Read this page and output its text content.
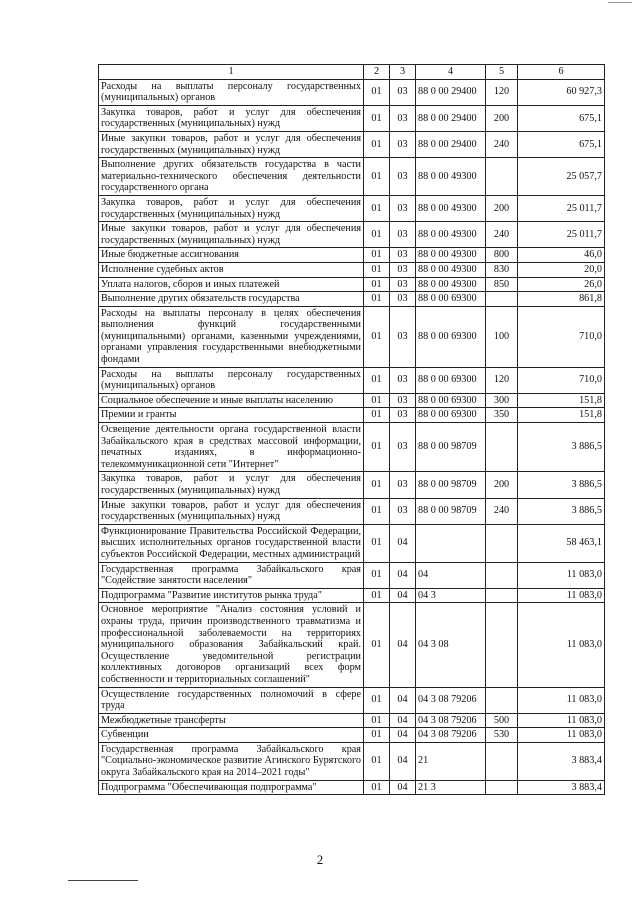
1	2	3	4	5	6
Расходы на выплаты персоналу государственных (муниципальных) органов	01	03	88 0 00 29400	120	60 927,3
Закупка товаров, работ и услуг для обеспечения государственных (муниципальных) нужд	01	03	88 0 00 29400	200	675,1
Иные закупки товаров, работ и услуг для обеспечения государственных (муниципальных) нужд	01	03	88 0 00 29400	240	675,1
Выполнение других обязательств государства в части материально-технического обеспечения деятельности государственного органа	01	03	88 0 00 49300		25 057,7
Закупка товаров, работ и услуг для обеспечения государственных (муниципальных) нужд	01	03	88 0 00 49300	200	25 011,7
Иные закупки товаров, работ и услуг для обеспечения государственных (муниципальных) нужд	01	03	88 0 00 49300	240	25 011,7
Иные бюджетные ассигнования	01	03	88 0 00 49300	800	46,0
Исполнение судебных актов	01	03	88 0 00 49300	830	20,0
Уплата налогов, сборов и иных платежей	01	03	88 0 00 49300	850	26,0
Выполнение других обязательств государства	01	03	88 0 00 69300		861,8
Расходы на выплаты персоналу в целях обеспечения выполнения функций государственными (муниципальными) органами, казенными учреждениями, органами управления государственными внебюджетными фондами	01	03	88 0 00 69300	100	710,0
Расходы на выплаты персоналу государственных (муниципальных) органов	01	03	88 0 00 69300	120	710,0
Социальное обеспечение и иные выплаты населению	01	03	88 0 00 69300	300	151,8
Премии и гранты	01	03	88 0 00 69300	350	151,8
Освещение деятельности органа государственной власти Забайкальского края в средствах массовой информации, печатных изданиях, в информационно-телекоммуникационной сети "Интернет"	01	03	88 0 00 98709		3 886,5
Закупка товаров, работ и услуг для обеспечения государственных (муниципальных) нужд	01	03	88 0 00 98709	200	3 886,5
Иные закупки товаров, работ и услуг для обеспечения государственных (муниципальных) нужд	01	03	88 0 00 98709	240	3 886,5
Функционирование Правительства Российской Федерации, высших исполнительных органов государственной власти субъектов Российской Федерации, местных администраций	01	04			58 463,1
Государственная программа Забайкальского края "Содействие занятости населения"	01	04	04		11 083,0
Подпрограмма "Развитие институтов рынка труда"	01	04	04 3		11 083,0
Основное мероприятие "Анализ состояния условий и охраны труда, причин производственного травматизма и профессиональной заболеваемости на территориях муниципального образования Забайкальский край. Осуществление уведомительной регистрации коллективных договоров организаций всех форм собственности и территориальных соглашений"	01	04	04 3 08		11 083,0
Осуществление государственных полномочий в сфере труда	01	04	04 3 08 79206		11 083,0
Межбюджетные трансферты	01	04	04 3 08 79206	500	11 083,0
Субвенции	01	04	04 3 08 79206	530	11 083,0
Государственная программа Забайкальского края "Социально-экономическое развитие Агинского Бурятского округа Забайкальского края на 2014–2021 годы"	01	04	21		3 883,4
Подпрограмма "Обеспечивающая подпрограмма"	01	04	21 3		3 883,4
2
